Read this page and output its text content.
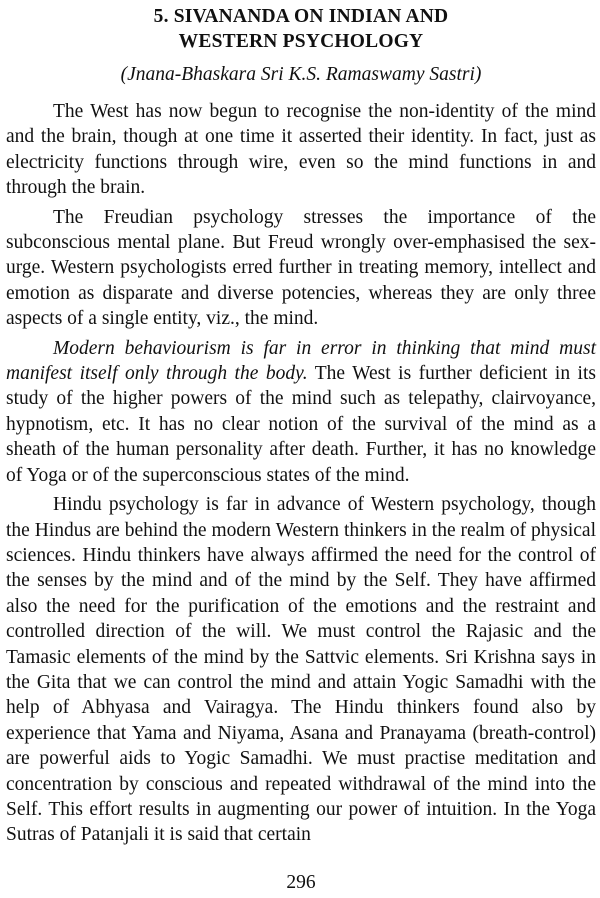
5. SIVANANDA ON INDIAN AND
WESTERN PSYCHOLOGY
(Jnana-Bhaskara Sri K.S. Ramaswamy Sastri)

The West has now begun to recognise the non-identity of the mind and the brain, though at one time it asserted their identity. In fact, just as electricity functions through wire, even so the mind functions in and through the brain.

The Freudian psychology stresses the importance of the subconscious mental plane. But Freud wrongly over-emphasised the sex-urge. Western psychologists erred further in treating memory, intellect and emotion as disparate and diverse potencies, whereas they are only three aspects of a single entity, viz., the mind.

Modern behaviourism is far in error in thinking that mind must manifest itself only through the body. The West is further deficient in its study of the higher powers of the mind such as telepathy, clairvoyance, hypnotism, etc. It has no clear notion of the survival of the mind as a sheath of the human personality after death. Further, it has no knowledge of Yoga or of the superconscious states of the mind.

Hindu psychology is far in advance of Western psychology, though the Hindus are behind the modern Western thinkers in the realm of physical sciences. Hindu thinkers have always affirmed the need for the control of the senses by the mind and of the mind by the Self. They have affirmed also the need for the purification of the emotions and the restraint and controlled direction of the will. We must control the Rajasic and the Tamasic elements of the mind by the Sattvic elements. Sri Krishna says in the Gita that we can control the mind and attain Yogic Samadhi with the help of Abhyasa and Vairagya. The Hindu thinkers found also by experience that Yama and Niyama, Asana and Pranayama (breath-control) are powerful aids to Yogic Samadhi. We must practise meditation and concentration by conscious and repeated withdrawal of the mind into the Self. This effort results in augmenting our power of intuition. In the Yoga Sutras of Patanjali it is said that certain

296
